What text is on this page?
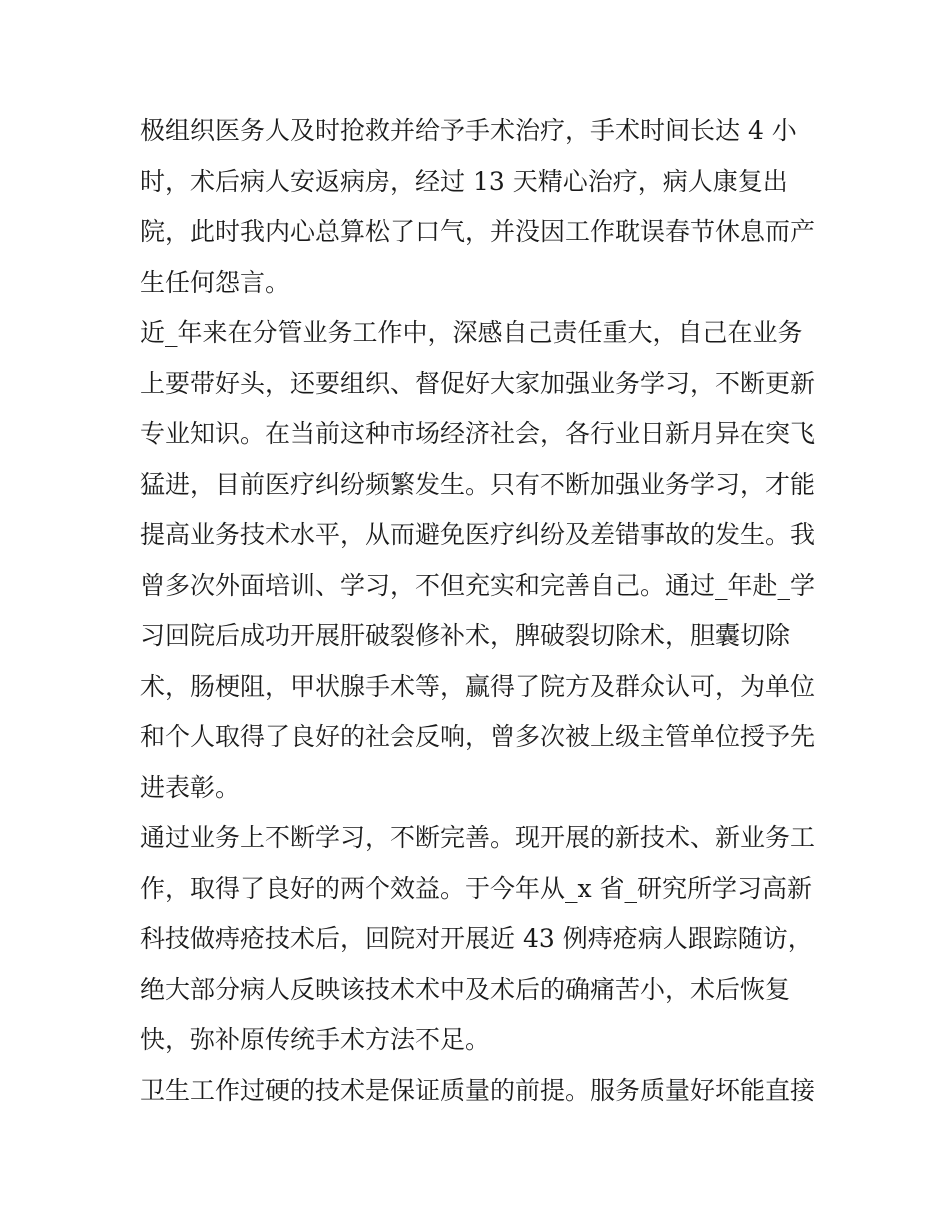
极组织医务人及时抢救并给予手术治疗，手术时间长达 4 小
时，术后病人安返病房，经过 13 天精心治疗，病人康复出
院，此时我内心总算松了口气，并没因工作耽误春节休息而产
生任何怨言。
近_年来在分管业务工作中，深感自己责任重大，自己在业务
上要带好头，还要组织、督促好大家加强业务学习，不断更新
专业知识。在当前这种市场经济社会，各行业日新月异在突飞
猛进，目前医疗纠纷频繁发生。只有不断加强业务学习，才能
提高业务技术水平，从而避免医疗纠纷及差错事故的发生。我
曾多次外面培训、学习，不但充实和完善自己。通过_年赴_学
习回院后成功开展肝破裂修补术，脾破裂切除术，胆囊切除
术，肠梗阻，甲状腺手术等，赢得了院方及群众认可，为单位
和个人取得了良好的社会反响，曾多次被上级主管单位授予先
进表彰。
通过业务上不断学习，不断完善。现开展的新技术、新业务工
作，取得了良好的两个效益。于今年从_x 省_研究所学习高新
科技做痔疮技术后，回院对开展近 43 例痔疮病人跟踪随访，
绝大部分病人反映该技术术中及术后的确痛苦小，术后恢复
快，弥补原传统手术方法不足。
卫生工作过硬的技术是保证质量的前提。服务质量好坏能直接
